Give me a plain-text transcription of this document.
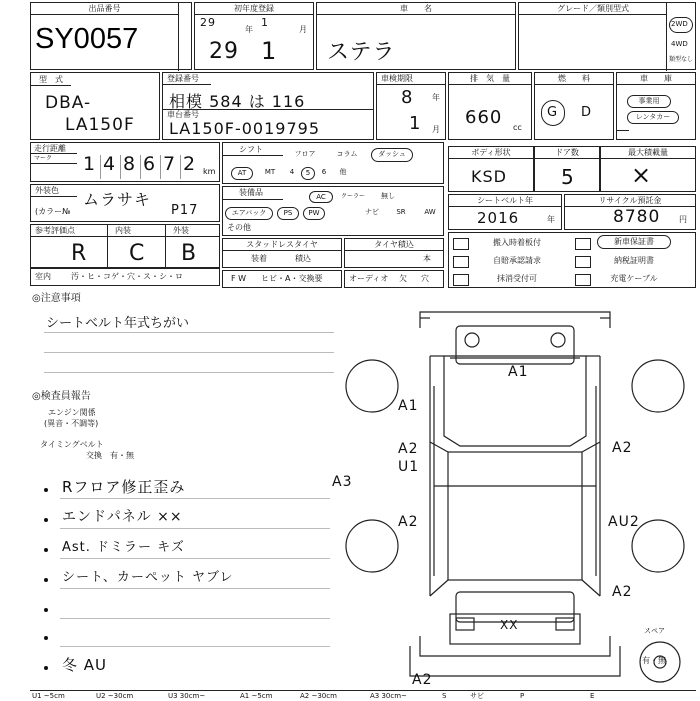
出品番号
SY0057
初年度登録
29
年
1
月
29 1
車　　名
ステラ
グレード／類別型式
2WD
4WD
類型なし
型　式
DBA-
LA150F
登録番号
相模 584 は 116
車台番号
LA150F-0019795
車検期限
8 年
1 月
排　気　量
660 cc
燃　　料
G D
車　　庫
事業用
レンタカー
走行距離
マーク 1 4 8 6 7 2 km
シフト	フロア	コラム	ダッシュ
AT	MT	4	5	6	他
ボディ形状
KSD
ドア数
5
最大積載量
×
外装色 ムラサキ
(カラー№	P17
装備品	AC	クーラー	無し
エアバック	PS	PW	ナビ	SR	AW
その他
シートベルト年
2016	年
リサイクル預託金
8780 円
参考評価点	内装	外装
R C B
室内	汚・ヒ・コゲ・穴・ス・シ・ロ
スタッドレスタイヤ
装着	積込
タイヤ積込
本
F W ヒビ・A・交換要	オーディオ 欠 穴
搬入時着板付
自賠承認請求
抹消受付可
新車保証書
納税証明書
充電ケーブル
◎注意事項
シートベルト年式ちがい
◎検査員報告
エンジン関係
(異音・不調等)
タイミングベルト
交換　有・無
Rフロア修正歪み
エンドパネル ××
Ast. ドミラー キズ
シート、カーペット ヤブレ
冬 AU
A1
A1
A2
U1
A3
A2
A2
AU2
A2
XX
A2
スペア
有・無
U1 ~5cm	U2 ~30cm	U3 30cm~	A1 ~5cm	A2 ~30cm	A3 30cm~	S	サビ	P	E
